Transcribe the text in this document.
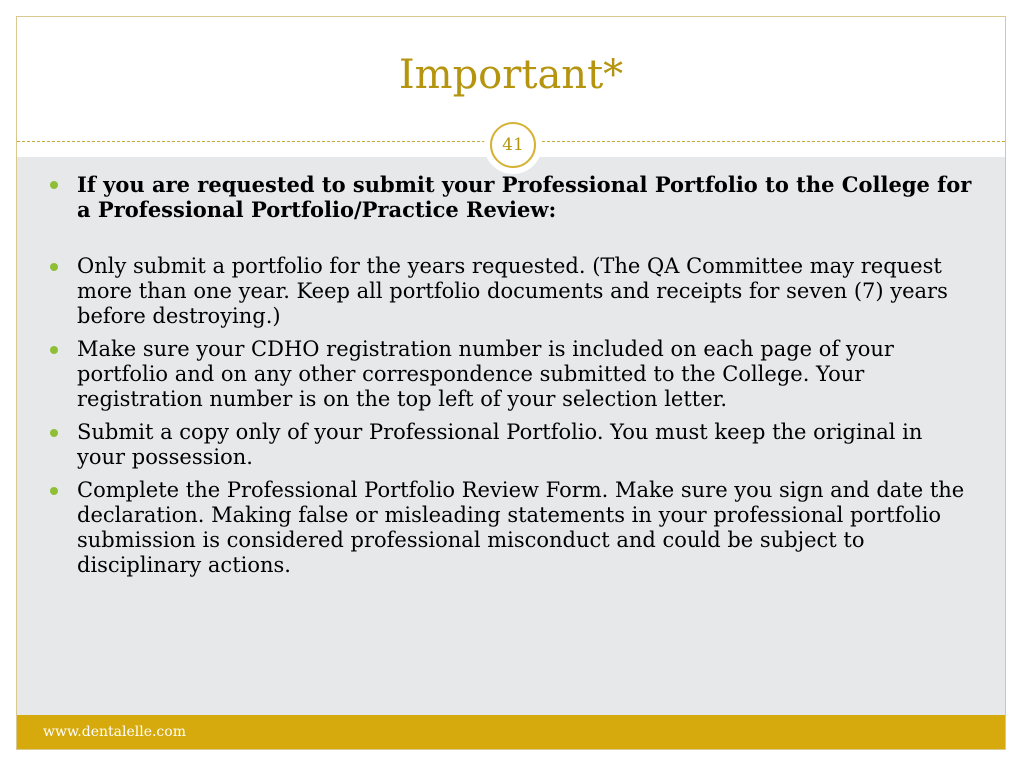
Important*
41
If you are requested to submit your Professional Portfolio to the College for a Professional Portfolio/Practice Review:
Only submit a portfolio for the years requested. (The QA Committee may request more than one year. Keep all portfolio documents and receipts for seven (7) years before destroying.)
Make sure your CDHO registration number is included on each page of your portfolio and on any other correspondence submitted to the College. Your registration number is on the top left of your selection letter.
Submit a copy only of your Professional Portfolio. You must keep the original in your possession.
Complete the Professional Portfolio Review Form. Make sure you sign and date the declaration. Making false or misleading statements in your professional portfolio submission is considered professional misconduct and could be subject to disciplinary actions.
www.dentalelle.com
